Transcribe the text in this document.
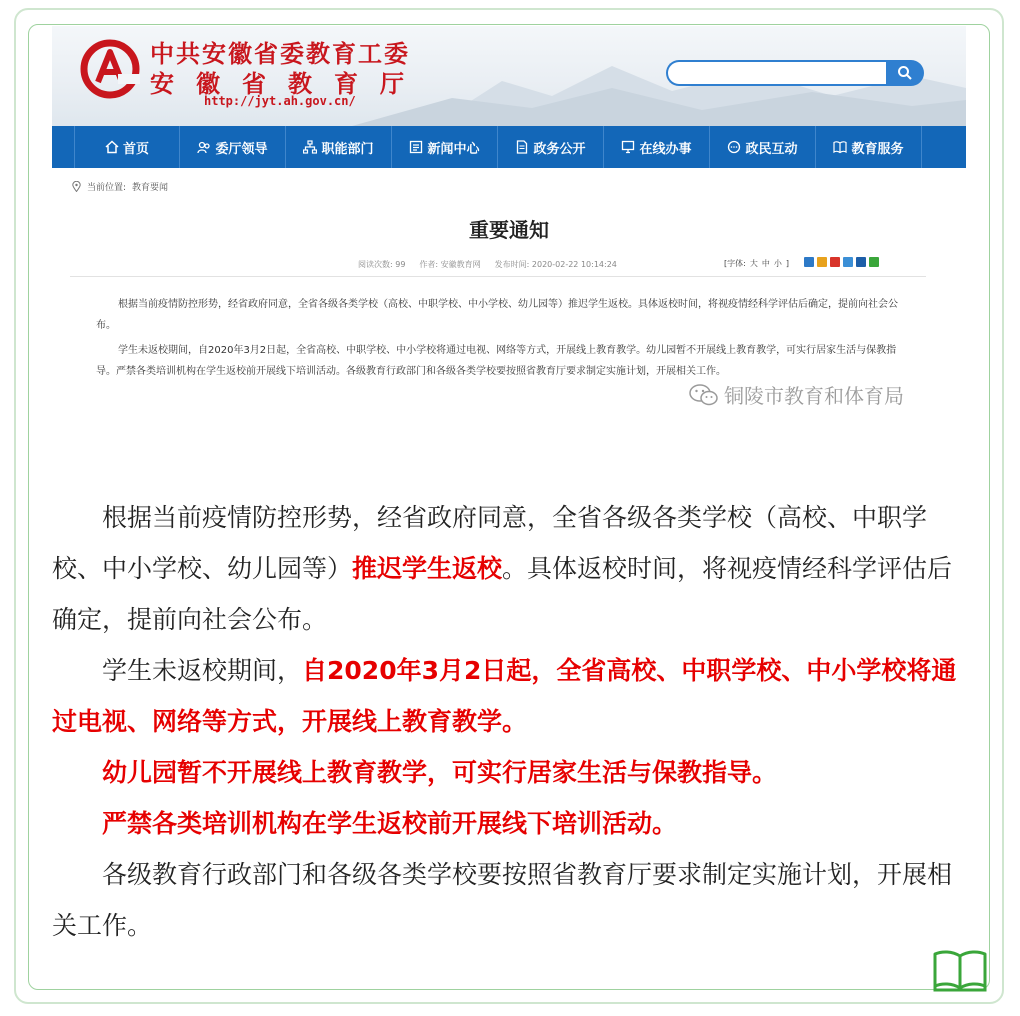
中共安徽省委教育工委
安徽省教育厅
http://jyt.ah.gov.cn/
首页	委厅领导	职能部门	新闻中心	政务公开	在线办事	政民互动	教育服务
当前位置: 教育要闻
重要通知
阅读次数: 99 作者: 安徽教育网 发布时间: 2020-02-22 10:14:24	[字体: 大 中 小 ]
根据当前疫情防控形势，经省政府同意，全省各级各类学校（高校、中职学校、中小学校、幼儿园等）推迟学生返校。具体返校时间，将视疫情经科学评估后确定，提前向社会公布。
学生未返校期间，自2020年3月2日起，全省高校、中职学校、中小学校将通过电视、网络等方式，开展线上教育教学。幼儿园暂不开展线上教育教学，可实行居家生活与保教指导。严禁各类培训机构在学生返校前开展线下培训活动。各级教育行政部门和各级各类学校要按照省教育厅要求制定实施计划，开展相关工作。
铜陵市教育和体育局
根据当前疫情防控形势，经省政府同意，全省各级各类学校（高校、中职学校、中小学校、幼儿园等）推迟学生返校。具体返校时间，将视疫情经科学评估后确定，提前向社会公布。
学生未返校期间，自2020年3月2日起，全省高校、中职学校、中小学校将通过电视、网络等方式，开展线上教育教学。
幼儿园暂不开展线上教育教学，可实行居家生活与保教指导。
严禁各类培训机构在学生返校前开展线下培训活动。
各级教育行政部门和各级各类学校要按照省教育厅要求制定实施计划，开展相关工作。
